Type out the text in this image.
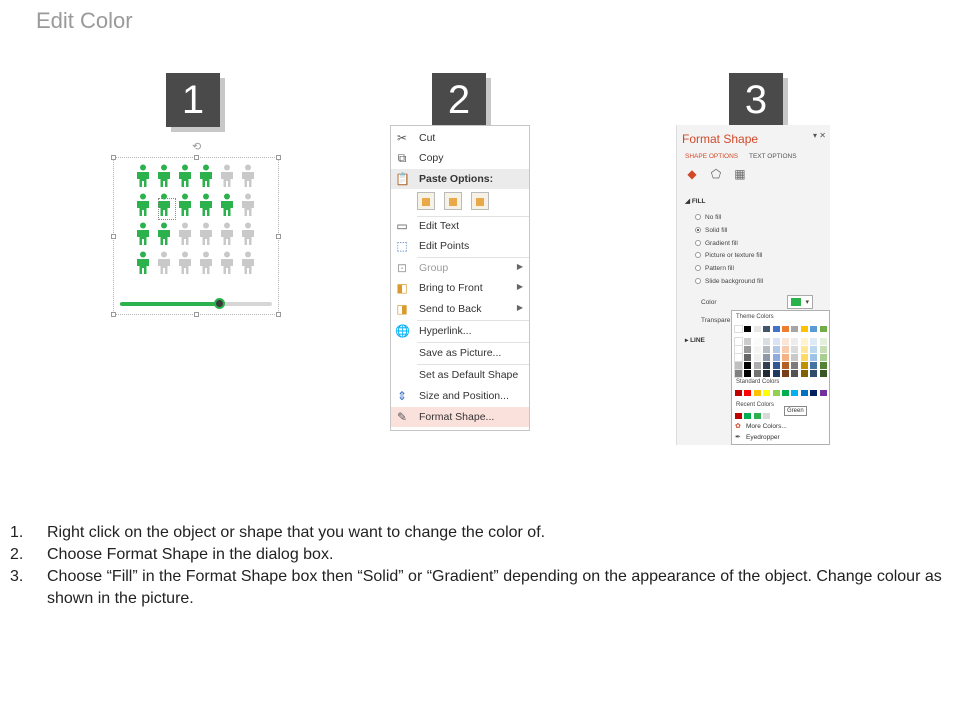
Edit Color
1	2	3
⟲
✂ Cut
⧉ Copy
📋 Paste Options:

▭ Edit Text
⬚ Edit Points
⊡ Group	▶
◧ Bring to Front	▶
◨ Send to Back	▶
🌐 Hyperlink...
Save as Picture...
Set as Default Shape
⇕ Size and Position...
✎ Format Shape...
Format Shape	▾ ✕
SHAPE OPTIONS TEXT OPTIONS
◆ ⬠ ▦
◢ FILL
No fill
Solid fill
Gradient fill
Picture or texture fill
Pattern fill
Slide background fill
Color	▾
Transpare
▸ LINE
Theme Colors
Standard Colors
Recent Colors
✿ More Colors...
✒ Eyedropper
Green
1. Right click on the object or shape that you want to change the color of.
2. Choose Format Shape in the dialog box.
3. Choose “Fill” in the Format Shape box then “Solid” or “Gradient” depending on the appearance of the object. Change colour as shown in the picture.
